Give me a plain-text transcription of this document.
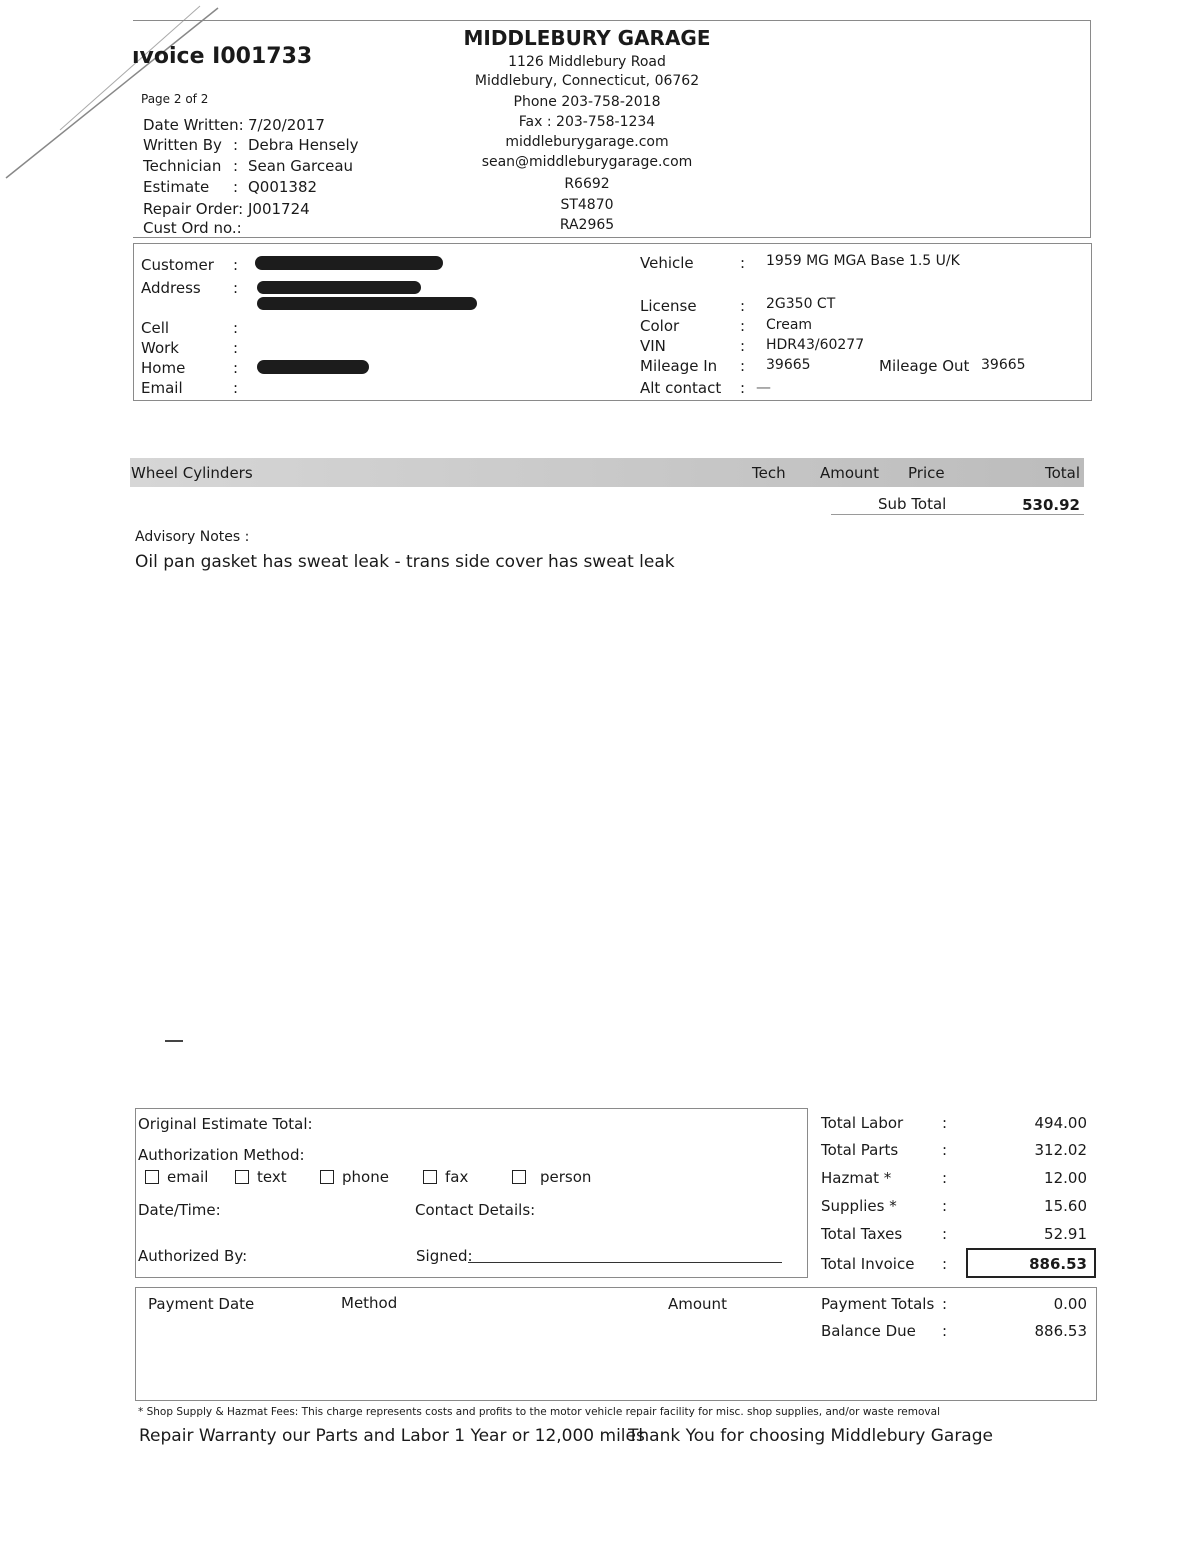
ıvoice I001733
Page 2 of 2
Date Written: 7/20/2017
Written By : Debra Hensely
Technician : Sean Garceau
Estimate : Q001382
Repair Order: J001724
Cust Ord no.:
MIDDLEBURY GARAGE
1126 Middlebury Road
Middlebury, Connecticut, 06762
Phone 203-758-2018
Fax : 203-758-1234
middleburygarage.com
sean@middleburygarage.com
R6692
ST4870
RA2965
Customer :
Address :
Cell	:
Work	:
Home	:
Email	:
Vehicle	: 1959 MG MGA Base 1.5 U/K
License	: 2G350 CT
Color	: Cream
VIN	: HDR43/60277
Mileage In : 39665	Mileage Out 39665
Alt contact : —
Wheel Cylinders	Tech Amount Price	Total
Sub Total	530.92
Advisory Notes :
Oil pan gasket has sweat leak - trans side cover has sweat leak
Original Estimate Total:
Authorization Method:
email	text	phone	fax	person
Date/Time:	Contact Details:
Authorized By:	Signed:
Total Labor	:	494.00
Total Parts	:	312.02
Hazmat *	:	12.00
Supplies *	:	15.60
Total Taxes	:	52.91
Total Invoice :	886.53
Payment Date	Method	Amount	Payment Totals :	0.00
Balance Due :	886.53
* Shop Supply & Hazmat Fees: This charge represents costs and profits to the motor vehicle repair facility for misc. shop supplies, and/or waste removal
Repair Warranty our Parts and Labor 1 Year or 12,000 miles
Thank You for choosing Middlebury Garage
